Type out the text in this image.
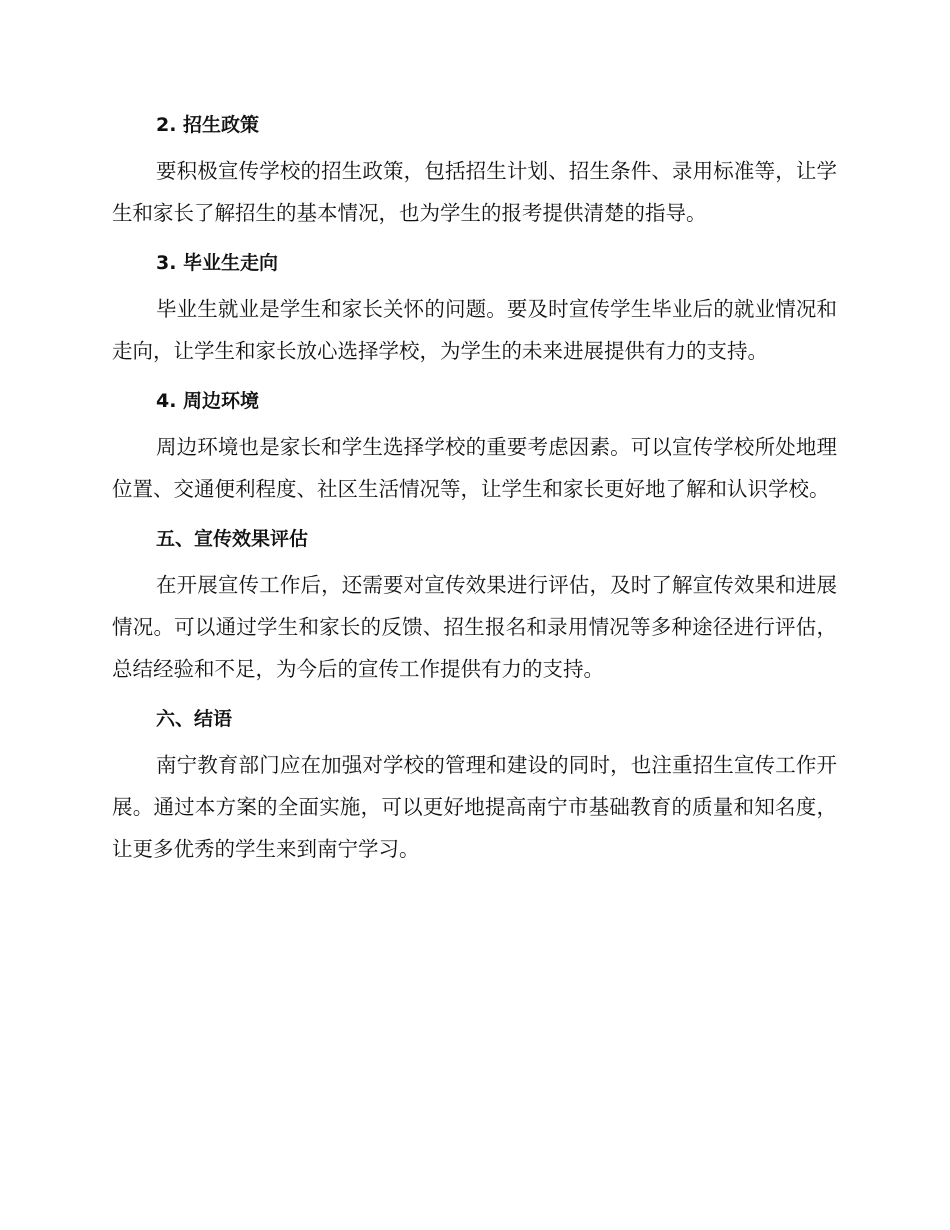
2. 招生政策

要积极宣传学校的招生政策，包括招生计划、招生条件、录用标准等，让学生和家长了解招生的基本情况，也为学生的报考提供清楚的指导。

3. 毕业生走向

毕业生就业是学生和家长关怀的问题。要及时宣传学生毕业后的就业情况和走向，让学生和家长放心选择学校，为学生的未来进展提供有力的支持。

4. 周边环境

周边环境也是家长和学生选择学校的重要考虑因素。可以宣传学校所处地理位置、交通便利程度、社区生活情况等，让学生和家长更好地了解和认识学校。

五、宣传效果评估

在开展宣传工作后，还需要对宣传效果进行评估，及时了解宣传效果和进展情况。可以通过学生和家长的反馈、招生报名和录用情况等多种途径进行评估，总结经验和不足，为今后的宣传工作提供有力的支持。

六、结语

南宁教育部门应在加强对学校的管理和建设的同时，也注重招生宣传工作开展。通过本方案的全面实施，可以更好地提高南宁市基础教育的质量和知名度，让更多优秀的学生来到南宁学习。
